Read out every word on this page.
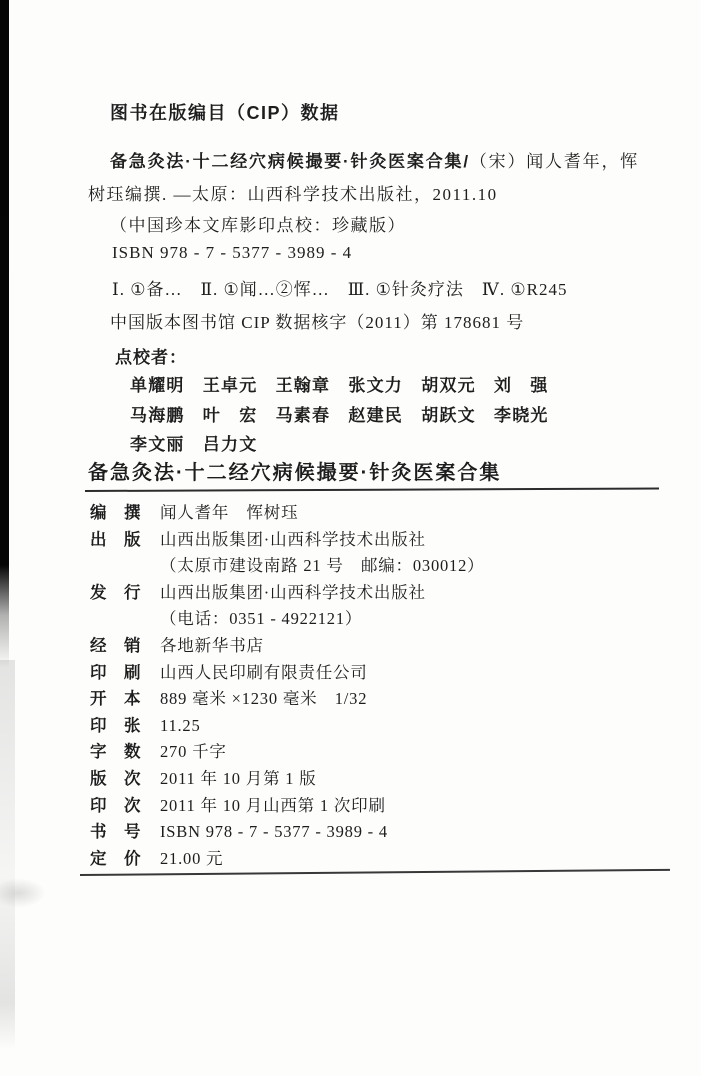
图书在版编目（CIP）数据
备急灸法·十二经穴病候撮要·针灸医案合集/（宋）闻人耆年，恽
树珏编撰. —太原：山西科学技术出版社，2011.10
（中国珍本文库影印点校：珍藏版）
ISBN 978 - 7 - 5377 - 3989 - 4
Ⅰ. ①备…　Ⅱ. ①闻…②恽…　Ⅲ. ①针灸疗法　Ⅳ. ①R245
中国版本图书馆 CIP 数据核字（2011）第 178681 号
点校者：
单耀明　王卓元　王翰章　张文力　胡双元　刘　强
马海鹏　叶　宏　马素春　赵建民　胡跃文　李晓光
李文丽　吕力文
备急灸法·十二经穴病候撮要·针灸医案合集
编　撰 闻人耆年　恽树珏
出　版 山西出版集团·山西科学技术出版社
（太原市建设南路 21 号　邮编：030012）
发　行 山西出版集团·山西科学技术出版社
（电话：0351 - 4922121）
经　销 各地新华书店
印　刷 山西人民印刷有限责任公司
开　本 889 毫米 ×1230 毫米　1/32
印　张 11.25
字　数 270 千字
版　次 2011 年 10 月第 1 版
印　次 2011 年 10 月山西第 1 次印刷
书　号 ISBN 978 - 7 - 5377 - 3989 - 4
定　价 21.00 元
